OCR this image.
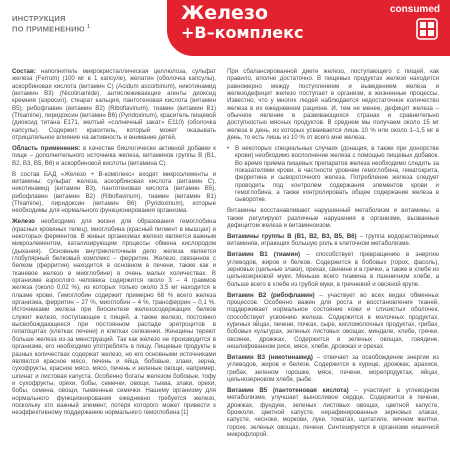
ИНСТРУКЦИЯ
ПО ПРИМЕНЕНИЮ $^1$
Железо
+В–комплекс
consumed

Состав: наполнитель микрокристаллическая целлюлоза, сульфат железа (Ferrum) (100 мг в 1 капсуле), желатин (оболочка капсулы), аскорбиновая кислота (витамин С) (Acidum ascorbinum), никотинамид (витамин В3) (Nicotinamide), антислеживающие агенты диоксид кремния (аэросил), стеарат кальция, пантотеновая кислота (витамин В5), рибофлавин (витамин В2) (Riboflavinum), тиамин (витамин В1) (Thiamine), пиридоксин (витамин В6) (Pyridoxinum), краситель пищевой (диоксид титана Е171, желтый «солнечный закат» Е110) (оболочка капсулы). Содержит краситель, который может оказывать отрицательное влияние на активность и внимание детей.

Область применения: в качестве биологически активной добавки к пище – дополнительного источника железа, витаминов группы В (В1, В2, В3, В5, В6) и аскорбиновой кислоты (витамина С).

В состав БАД «Железо + В-комплекс» входят микроэлементы и витамины: сульфат железа, аскорбиновая кислота (витамин С), никотинамид (витамин В3), пантотеновая кислота (витамин В5), рибофлавин (витамин В2) (Riboflavinum), тиамин (витамин В1) (Thiamine), пиридоксин (витамин В6) (Pyridoxinum), которые необходимы для нормального функционирования организма.

Железо необходимо для жизни для образования гемоглобина (красных кровяных телец), миоглобина (красный пигмент в мышцах) и некоторых ферментов. В живых организмах железо является важным микроэлементом, катализирующим процессы обмена кислородом (дыхания). Основным внутриклеточным депо железа является глобулярный белковый комплекс – ферритин. Железо, связанное с белком (ферритин) находится в основном в печени, также как и тканевое железо в миоглобине) в очень малых количествах. В организме взрослого человека содержится около 3 – 4 граммов железа (около 0,02 %), из которых только около 3,5 мг находится в плазме крови. Гемоглобин содержит примерно 68 % всего железа организма, ферритин – 27 %, миоглобин – 4 %, трансферрин – 0,1 %. Источниками железа при биосинтезе железосодержащих белков служит железо, поступающее с пищей, а также железо, постоянно высвобождающееся при постоянном распаде эритроцитов в гепатоцитах (клетках печени) и клетках селезенки. Женщины теряют больше железа из-за менструаций. Так как железо не производится в организме, его необходимо употреблять в пищу. Пищевые продукты в разных количествах содержат железо, но его основными источниками являются красное мясо, печень и яйца, бобовые, злаки, зерна, сухофрукты, красное мясо, мясо, печень и зеленые овощи, например, шпинат и листовая капуста. Особенно богаты железом бобовые, тофу и сухофрукты, орехи, бобы, семечки, овощи, тыква, злаки, орехи, бобы, семена, овощи, тыквенные семечки. Нашему организму для нормального функционирования ежедневно требуется железо, поскольку это важный элемент, потеря которого может привести к неэффективному поддержанию нормального гемоглобина [1]

При сбалансированной диете железо, поступающего с пищей, как правило, вполне достаточно. В пищевых продуктах железо находится равномерно между поступлением и выведением железа и железодефицит железо поступает в организм, в жизненные процессы. Известно, что у многих людей наблюдается недостаточное количество железа в их ежедневном рационе. И, тем не менее, дефицит железа – обычное явление в развивающихся странах и сравнительно доступностью мясных продуктов. В среднем мы получаем около 15 мг железа в день, из которых усваивается лишь 10 % или около 1–1,5 мг в день, то есть лишь из 10 % от всего мне железа.

• В некоторых специальных случаях (донация, в также при донорстве крови) необходимо восполнение железа с помощью пищевых добавок. Во время приема пищевых препаратов железа необходимо следить за показателями крови, в частности уровнем гемоглобина, гематокрита, ферритина и сывороточного железа. Потребление железа следует проводить под контролем содержания элементов крови и гемоглобина, а также контролировать общее содержание железа в сыворотке.

Витамины восстанавливают нарушенный метаболизм и витамины, а также регулируют различные нарушения в организме, вызванные дефицитом железа и витаминоизом.

Витамины группы В (B1, B2, B3, B5, B6) – группа водорастворимых витаминов, играющих большую роль в клеточном метаболизме.

Витамин В1 (тиамин) – способствует превращению в энергию углеводов, жиров и белков. Содержится в бобовых (горох, фасоль), зерновых (цельные злаки), орехах, свинине и в гречке, а также в хлебе из цельнозерновой муки. Меньше всего тиамина в пшеничном хлебе, а больше всего в хлебе из грубой муки, в гречневой и овсяной крупе.

Витамин В2 (рибофламин) – участвует во всех видах обменных процессов. Особенно важен для роста и восстановления тканей, поддерживает нормальное состояние кожи и слизистых оболочек, способствует усвоению железа. Содержится в молочных продуктах, куриных яйцах, печени, почках, сыре, кисломолочных продуктах, грибах, бобовых культурах, зеленых листовых овощах, миндале, хлебе, гречке, овсянке, дрожжах, Содержится в зеленых овощах, говядине, нешлифованном рисе, мясе, хлебе, дрожжах и орехах.

Витамин В3 (никотинамид) – отвечает за освобождение энергии из углеводов, жиров и белков. Содержится в курице, дрожжах, арахисе, грибах, зеленом горошке, мясе, печени, морепродуктах, яйцах, цельнозерновом хлебе, рыбе.

Витамин В5 (пантотеновая кислота) – участвует в углеводном метаболизме, улучшает выносливое сердце. Содержится в печени, дрожжах, фундуке, зеленых листовых овощах, цветной капусте, брокколи, цветной капусте, нерафинированных зерновых злаках, капусте, чесноке, моркови, луке, томатах, щитатиле, яичном желтке, горохе, зеленых овощах, печени. Синтезируется в организме кишечной микрофлорой.
